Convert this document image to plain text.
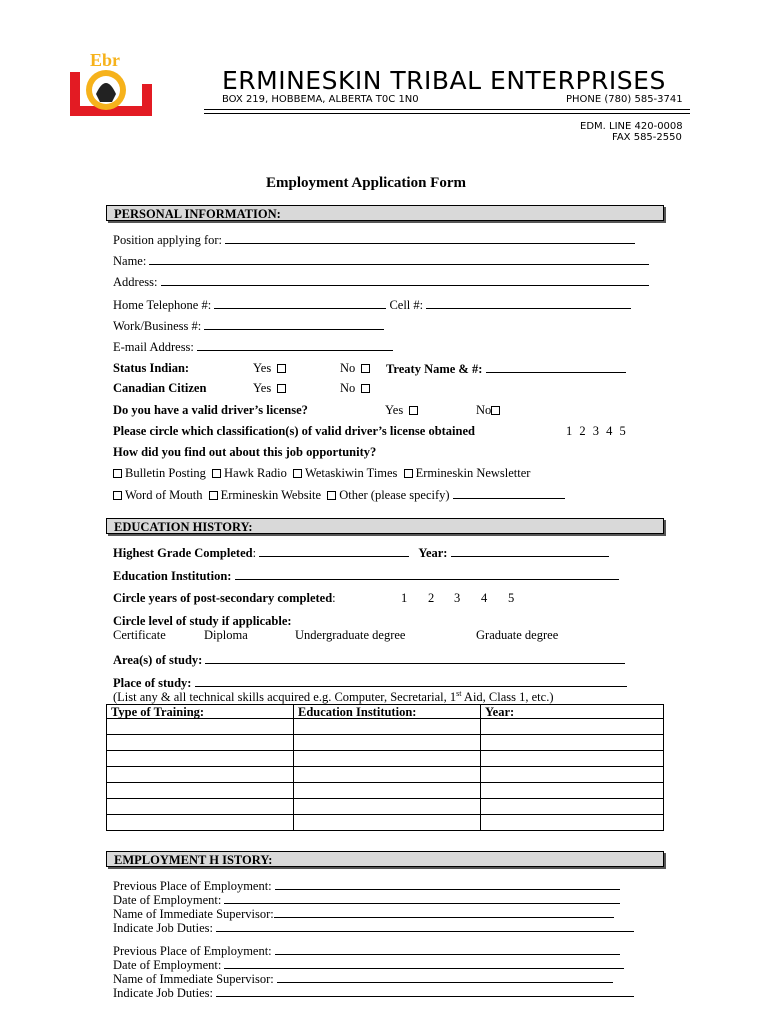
Ebr
ERMINESKIN TRIBAL ENTERPRISES
BOX 219, HOBBEMA, ALBERTA T0C 1N0	PHONE (780) 585-3741
EDM. LINE 420-0008
FAX 585-2550
Employment Application Form
PERSONAL INFORMATION:
Position applying for:
Name:
Address:
Home Telephone #:	Cell #:
Work/Business #:
E-mail Address:
Status Indian:	Yes	No	Treaty Name & #:
Canadian Citizen	Yes	No
Do you have a valid driver’s license?	Yes	No
Please circle which classification(s) of valid driver’s license obtained	1 2 3 4 5
How did you find out about this job opportunity?
Bulletin Posting Hawk Radio Wetaskiwin Times Ermineskin Newsletter
Word of Mouth Ermineskin Website Other (please specify)
EDUCATION HISTORY:
Highest Grade Completed:	Year:
Education Institution:
Circle years of post-secondary completed:	1 2 3 4 5
Circle level of study if applicable:
Certificate	Diploma	Undergraduate degree	Graduate degree
Area(s) of study:
Place of study:
(List any & all technical skills acquired e.g. Computer, Secretarial, 1st Aid, Class 1, etc.)
Type of Training:	Education Institution:	Year:

EMPLOYMENT H ISTORY:
Previous Place of Employment:
Date of Employment:
Name of Immediate Supervisor:
Indicate Job Duties:
Previous Place of Employment:
Date of Employment:
Name of Immediate Supervisor:
Indicate Job Duties:
